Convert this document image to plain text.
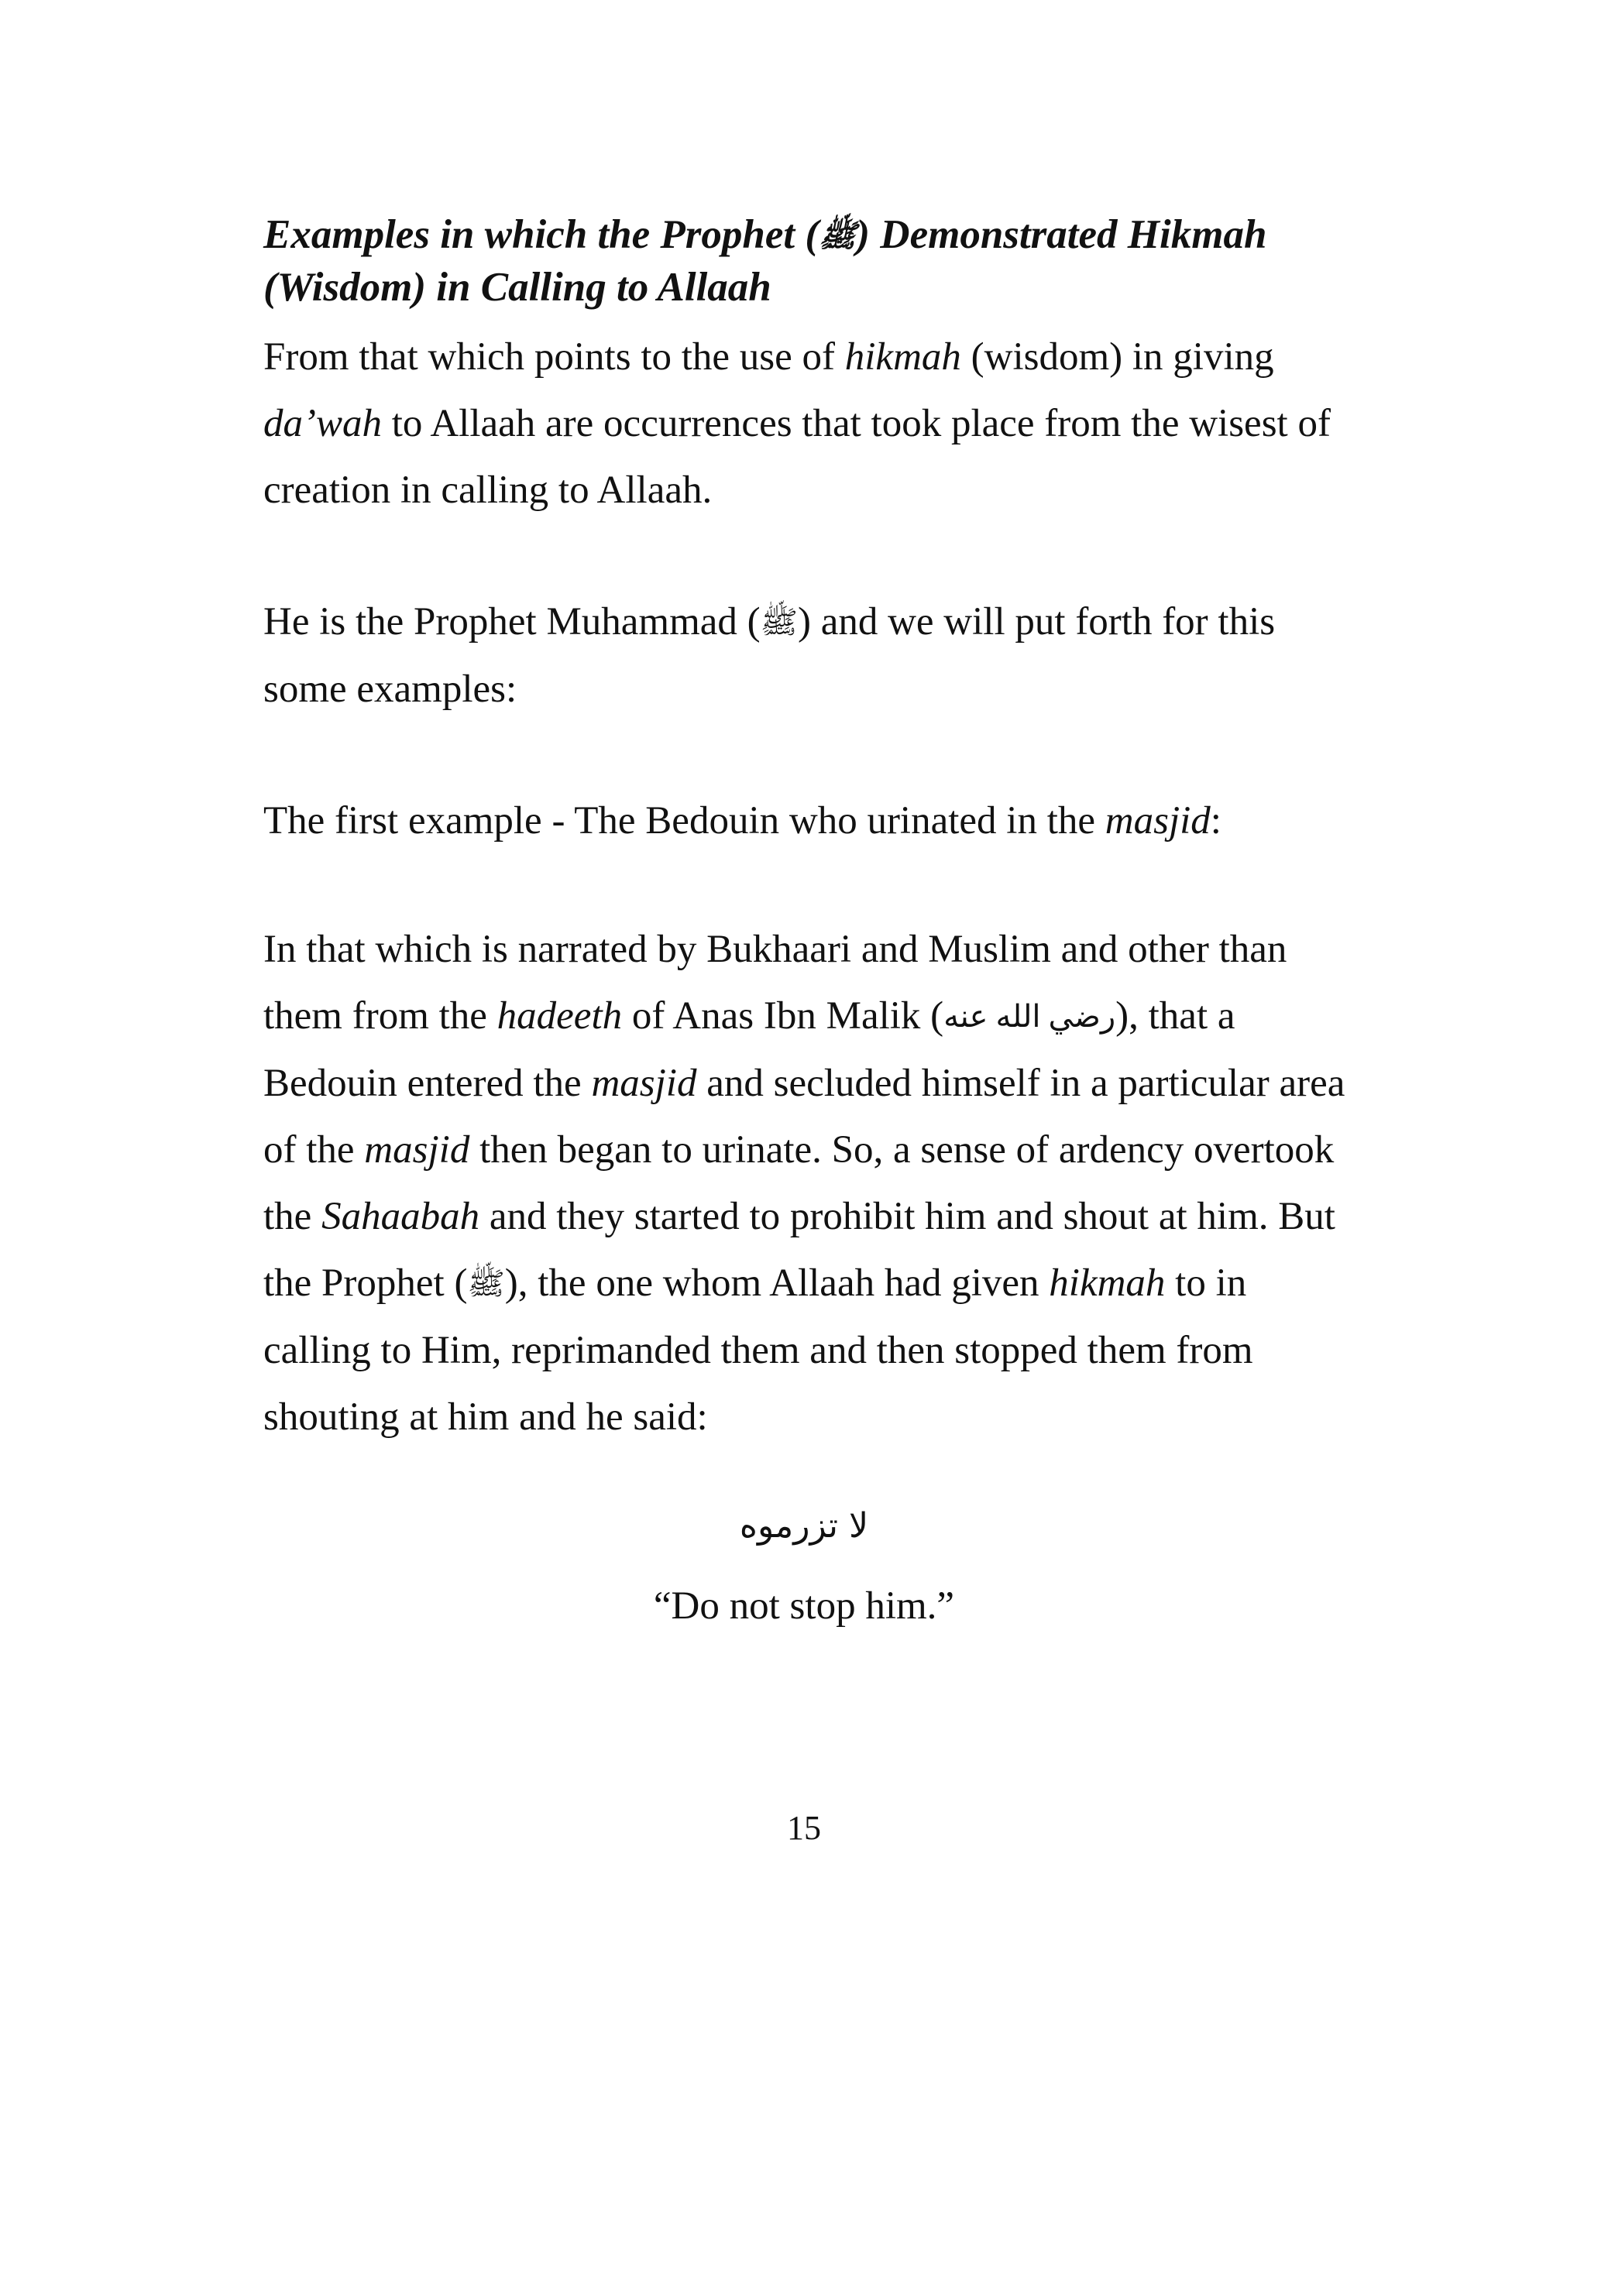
Examples in which the Prophet (ﷺ) Demonstrated Hikmah (Wisdom) in Calling to Allaah

From that which points to the use of hikmah (wisdom) in giving da’wah to Allaah are occurrences that took place from the wisest of creation in calling to Allaah.

He is the Prophet Muhammad (ﷺ) and we will put forth for this some examples:

The first example - The Bedouin who urinated in the masjid:

In that which is narrated by Bukhaari and Muslim and other than them from the hadeeth of Anas Ibn Malik (رضي الله عنه), that a Bedouin entered the masjid and secluded himself in a particular area of the masjid then began to urinate. So, a sense of ardency overtook the Sahaabah and they started to prohibit him and shout at him. But the Prophet (ﷺ), the one whom Allaah had given hikmah to in calling to Him, reprimanded them and then stopped them from shouting at him and he said:

لا تزرموه
“Do not stop him.”
15
